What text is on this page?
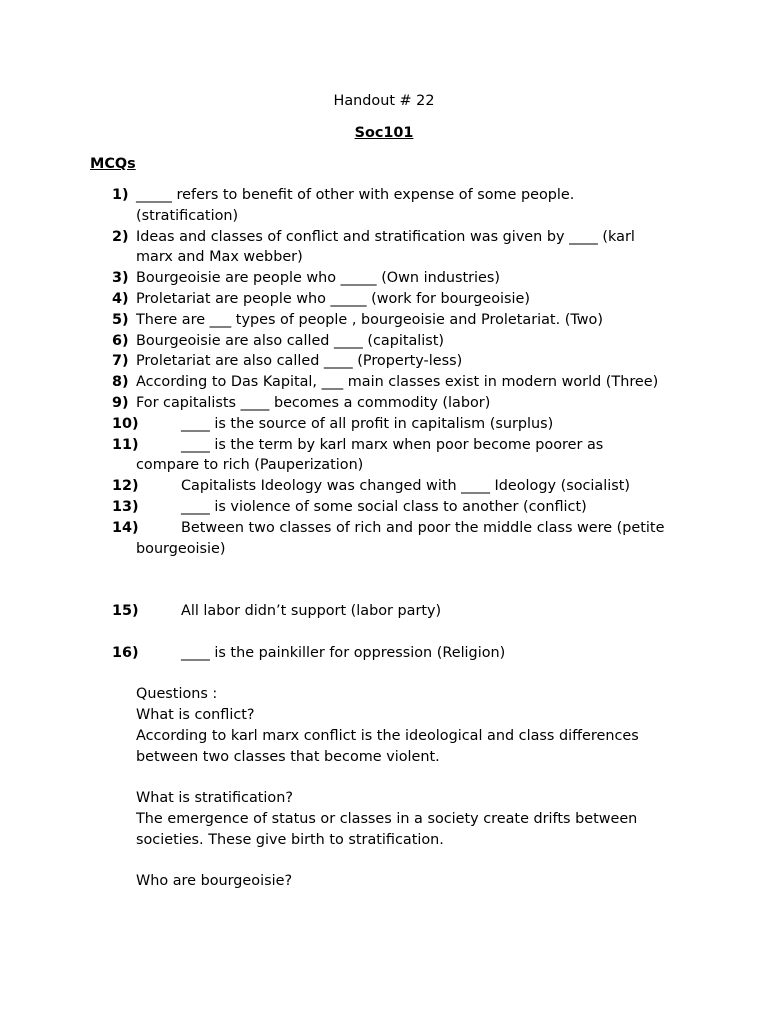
Handout # 22
Soc101
MCQs
1) _____ refers to benefit of other with expense of some people. (stratification)
2) Ideas and classes of conflict and stratification was given by ____ (karl marx and Max webber)
3) Bourgeoisie are people who _____ (Own industries)
4) Proletariat are people who _____ (work for bourgeoisie)
5) There are ___ types of people , bourgeoisie and Proletariat. (Two)
6) Bourgeoisie are also called ____ (capitalist)
7) Proletariat are also called ____ (Property-less)
8) According to Das Kapital, ___ main classes exist in modern world (Three)
9) For capitalists ____ becomes a commodity (labor)
10)	____ is the source of all profit in capitalism (surplus)
11)	____ is the term by karl marx when poor become poorer as compare to rich (Pauperization)
12)	Capitalists Ideology was changed with ____ Ideology (socialist)
13)	____ is violence of some social class to another (conflict)
14)	Between two classes of rich and poor the middle class were (petite bourgeoisie)
15)	All labor didn’t support (labor party)
16)	____ is the painkiller for oppression (Religion)
Questions :
What is conflict?
According to karl marx conflict is the ideological and class differences between two classes that become violent.
What is stratification?
The emergence of status or classes in a society create drifts between societies. These give birth to stratification.
Who are bourgeoisie?
